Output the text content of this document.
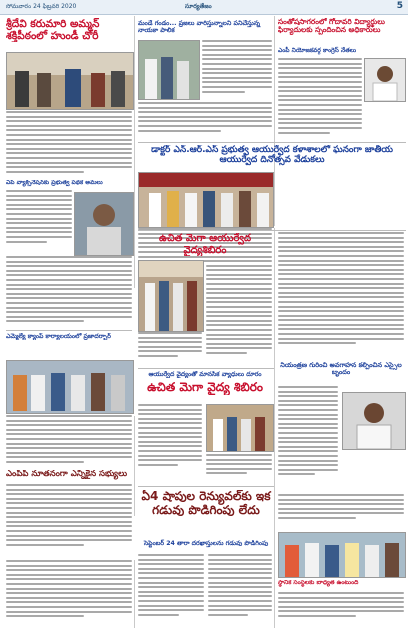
సోమవారం 24 ఫిబ్రవరి 2020	సూర్యతేజం	5
శ్రీదేవి కరుమారి అమ్మన్ శక్తిపీఠంలో హుండీ చోరీ
ఏపీ వ్యాక్సినేషన్‌కు ప్రభుత్వ పథక అమలు
ఎమ్మెల్యే క్యాంప్ కార్యాలయంలో ప్రజాదర్బార్
ఎంపీపీ నూతనంగా ఎన్నికైన సభ్యులు
మండే గండం... ప్రజలు వారిస్తున్నాలని పనిచేస్తున్న నాయకా పాలిక
డాక్టర్ ఎన్.ఆర్.ఎస్ ప్రభుత్వ ఆయుర్వేద కళాశాలలో ఘనంగా జాతీయ ఆయుర్వేద దినోత్సవ వేడుకలు
సంతోషసాగరంలో గోదావరి విద్యార్థులు ఫిర్యాదులకు స్పందించిన అధికారులు
ఎంపీ నియోజకవర్గ కాంగ్రెస్ నేతలు
ఉచిత మెగా ఆయుర్వేద వైద్యశిబిరం
నియంత్రణ గురించి అవగాహన కల్పించిన ఎస్సైల బృందం
స్థానిక సంస్థలకు బాధ్యత ఉంటుంది
ఆయుర్వేద వైద్యంతో మానసిక వ్యాధులు దూరం
ఉచిత మెగా వైద్య శిబిరం
ఏ4 షాపుల రెన్యువల్‌కు ఇక గడువు పొడిగింపు లేదు
సెప్టెంబర్ 24 తారా దరఖాస్తులను గడువు పొడిగింపు
